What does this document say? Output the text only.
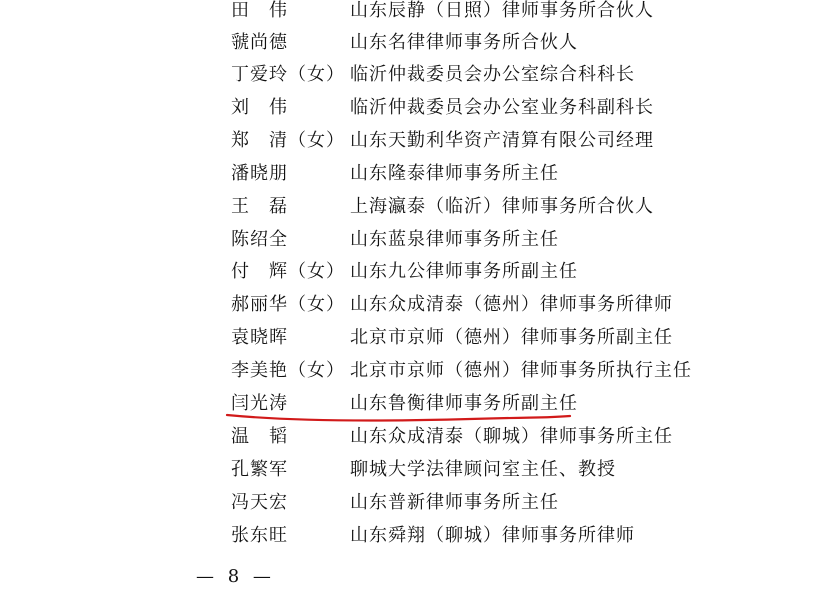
田　伟	山东辰静（日照）律师事务所合伙人
虢尚德	山东名律律师事务所合伙人
丁爱玲（女） 临沂仲裁委员会办公室综合科科长
刘　伟	临沂仲裁委员会办公室业务科副科长
郑　清（女） 山东天勤利华资产清算有限公司经理
潘晓朋	山东隆泰律师事务所主任
王　磊	上海瀛泰（临沂）律师事务所合伙人
陈绍全	山东蓝泉律师事务所主任
付　辉（女） 山东九公律师事务所副主任
郝丽华（女） 山东众成清泰（德州）律师事务所律师
袁晓晖	北京市京师（德州）律师事务所副主任
李美艳（女） 北京市京师（德州）律师事务所执行主任
闫光涛	山东鲁衡律师事务所副主任
温　韬	山东众成清泰（聊城）律师事务所主任
孔繁军	聊城大学法律顾问室主任、教授
冯天宏	山东普新律师事务所主任
张东旺	山东舜翔（聊城）律师事务所律师
— 8 —
